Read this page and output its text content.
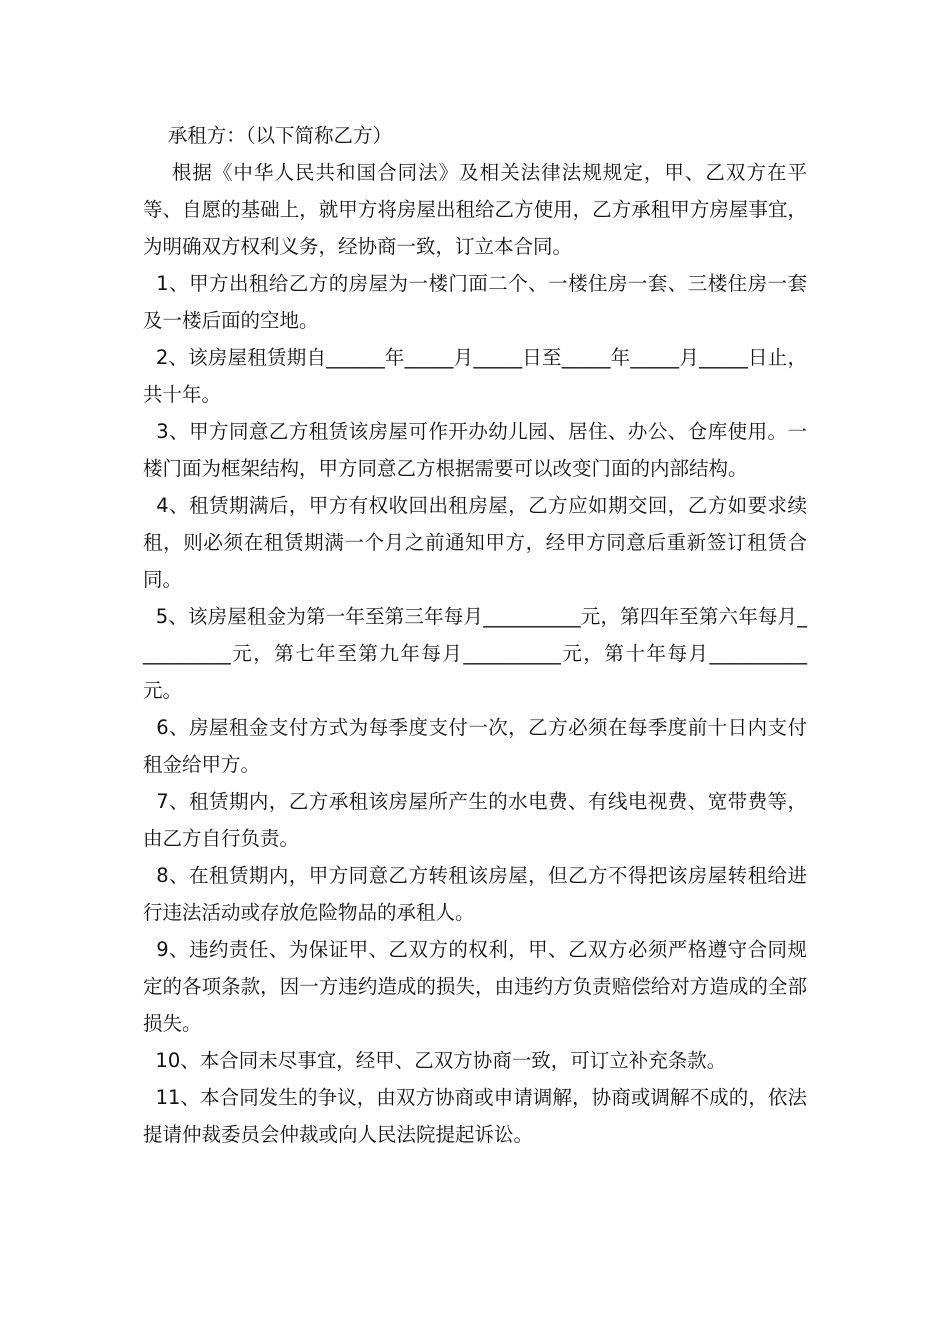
承租方：（以下简称乙方）

根据《中华人民共和国合同法》及相关法律法规规定，甲、乙双方在平等、自愿的基础上，就甲方将房屋出租给乙方使用，乙方承租甲方房屋事宜，为明确双方权利义务，经协商一致，订立本合同。

1、甲方出租给乙方的房屋为一楼门面二个、一楼住房一套、三楼住房一套及一楼后面的空地。

2、该房屋租赁期自______年_____月_____日至_____年_____月_____日止，共十年。

3、甲方同意乙方租赁该房屋可作开办幼儿园、居住、办公、仓库使用。一楼门面为框架结构，甲方同意乙方根据需要可以改变门面的内部结构。

4、租赁期满后，甲方有权收回出租房屋，乙方应如期交回，乙方如要求续租，则必须在租赁期满一个月之前通知甲方，经甲方同意后重新签订租赁合同。

5、该房屋租金为第一年至第三年每月__________元，第四年至第六年每月__________元，第七年至第九年每月__________元，第十年每月__________元。

6、房屋租金支付方式为每季度支付一次，乙方必须在每季度前十日内支付租金给甲方。

7、租赁期内，乙方承租该房屋所产生的水电费、有线电视费、宽带费等，由乙方自行负责。

8、在租赁期内，甲方同意乙方转租该房屋，但乙方不得把该房屋转租给进行违法活动或存放危险物品的承租人。

9、违约责任、为保证甲、乙双方的权利，甲、乙双方必须严格遵守合同规定的各项条款，因一方违约造成的损失，由违约方负责赔偿给对方造成的全部损失。

10、本合同未尽事宜，经甲、乙双方协商一致，可订立补充条款。

11、本合同发生的争议，由双方协商或申请调解，协商或调解不成的，依法提请仲裁委员会仲裁或向人民法院提起诉讼。
